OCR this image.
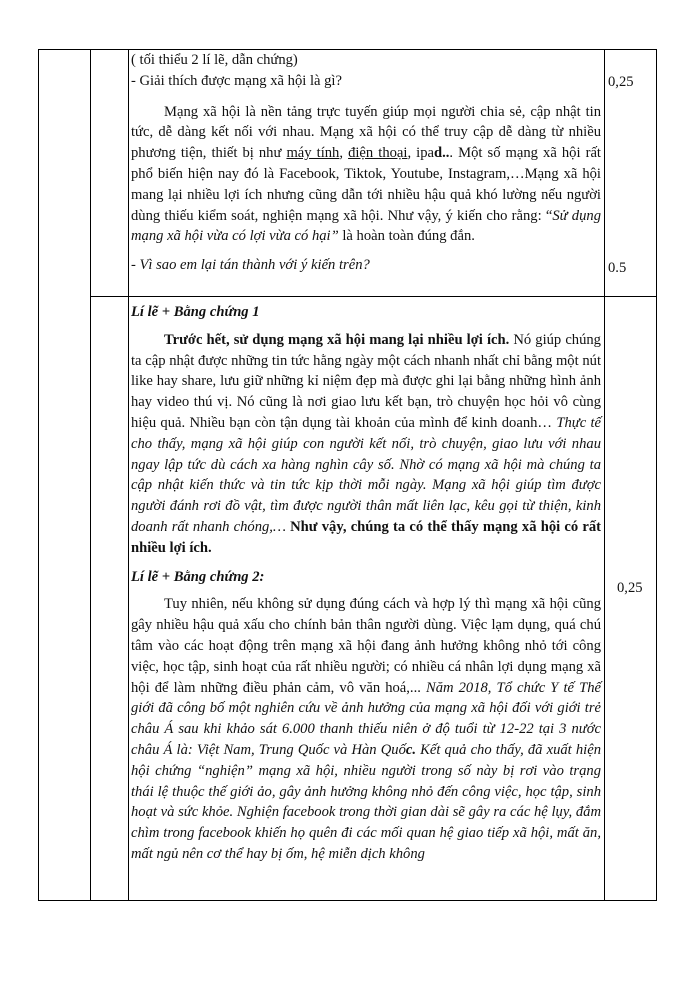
( tối thiểu 2 lí lẽ, dẫn chứng)

- Giải thích được mạng xã hội là gì?

Mạng xã hội là nền tảng trực tuyến giúp mọi người chia sẻ, cập nhật tin tức, dễ dàng kết nối với nhau. Mạng xã hội có thể truy cập dễ dàng từ nhiều phương tiện, thiết bị như máy tính, điện thoại, ipad... Một số mạng xã hội rất phổ biến hiện nay đó là Facebook, Tiktok, Youtube, Instagram,…Mạng xã hội mang lại nhiều lợi ích nhưng cũng dẫn tới nhiều hậu quả khó lường nếu người dùng thiếu kiểm soát, nghiện mạng xã hội. Như vậy, ý kiến cho rằng: “Sử dụng mạng xã hội vừa có lợi vừa có hại” là hoàn toàn đúng đắn.

- Vì sao em lại tán thành với ý kiến trên?

Lí lẽ + Bằng chứng 1

Trước hết, sử dụng mạng xã hội mang lại nhiều lợi ích. Nó giúp chúng ta cập nhật được những tin tức hằng ngày một cách nhanh nhất chỉ bằng một nút like hay share, lưu giữ những kỉ niệm đẹp mà được ghi lại bằng những hình ảnh hay video thú vị. Nó cũng là nơi giao lưu kết bạn, trò chuyện học hỏi vô cùng hiệu quả. Nhiều bạn còn tận dụng tài khoản của mình để kinh doanh… Thực tế cho thấy, mạng xã hội giúp con người kết nối, trò chuyện, giao lưu với nhau ngay lập tức dù cách xa hàng nghìn cây số. Nhờ có mạng xã hội mà chúng ta cập nhật kiến thức và tin tức kịp thời mỗi ngày. Mạng xã hội giúp tìm được người đánh rơi đồ vật, tìm được người thân mất liên lạc, kêu gọi từ thiện, kinh doanh rất nhanh chóng,… Như vậy, chúng ta có thể thấy mạng xã hội có rất nhiều lợi ích.

Lí lẽ + Bằng chứng 2:

Tuy nhiên, nếu không sử dụng đúng cách và hợp lý thì mạng xã hội cũng gây nhiều hậu quả xấu cho chính bản thân người dùng. Việc lạm dụng, quá chú tâm vào các hoạt động trên mạng xã hội đang ảnh hưởng không nhỏ tới công việc, học tập, sinh hoạt của rất nhiều người; có nhiều cá nhân lợi dụng mạng xã hội để làm những điều phản cảm, vô văn hoá,... Năm 2018, Tổ chức Y tế Thế giới đã công bố một nghiên cứu về ảnh hưởng của mạng xã hội đối với giới trẻ châu Á sau khi khảo sát 6.000 thanh thiếu niên ở độ tuổi từ 12-22 tại 3 nước châu Á là: Việt Nam, Trung Quốc và Hàn Quốc. Kết quả cho thấy, đã xuất hiện hội chứng “nghiện” mạng xã hội, nhiều người trong số này bị rơi vào trạng thái lệ thuộc thế giới ảo, gây ảnh hưởng không nhỏ đến công việc, học tập, sinh hoạt và sức khỏe. Nghiện facebook trong thời gian dài sẽ gây ra các hệ lụy, đắm chìm trong facebook khiến họ quên đi các mối quan hệ giao tiếp xã hội, mất ăn, mất ngủ nên cơ thể hay bị ốm, hệ miễn dịch không

0,25
0.5
0,25
